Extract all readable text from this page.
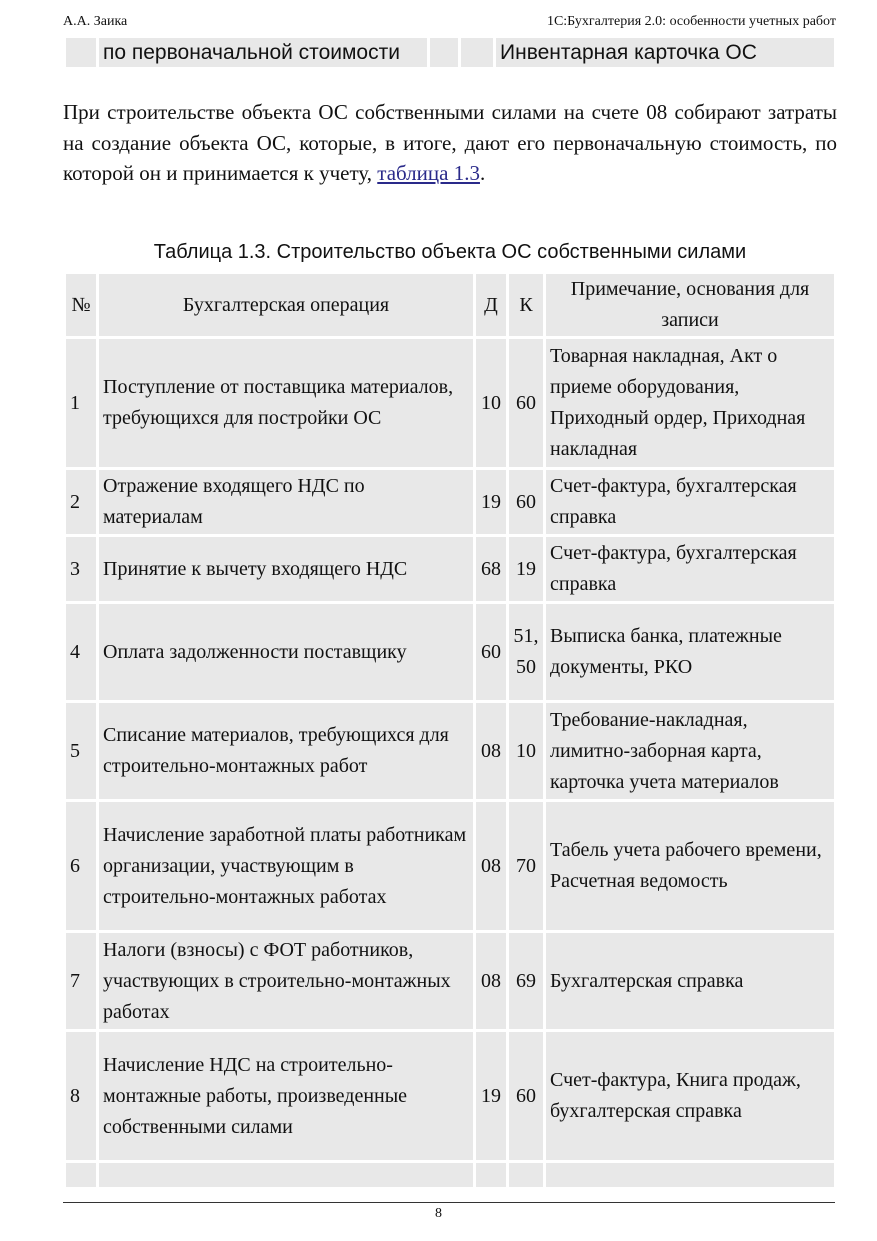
А.А. Заика	1С:Бухгалтерия 2.0: особенности учетных работ
	по первоначальной стоимости			Инвентарная карточка ОС

При строительстве объекта ОС собственными силами на счете 08 собирают затраты на создание объекта ОС, которые, в итоге, дают его первоначальную стоимость, по которой он и принимается к учету, таблица 1.3.

Таблица 1.3. Строительство объекта ОС собственными силами

№	Бухгалтерская операция	Д	К	Примечание, основания для записи
1	Поступление от поставщика материалов, требующихся для постройки ОС	10	60	Товарная накладная, Акт о приеме оборудования, Приходный ордер, Приходная накладная
2	Отражение входящего НДС по материалам	19	60	Счет-фактура, бухгалтерская справка
3	Принятие к вычету входящего НДС	68	19	Счет-фактура, бухгалтерская справка
4	Оплата задолженности поставщику	60	51, 50	Выписка банка, платежные документы, РКО
5	Списание материалов, требующихся для строительно-монтажных работ	08	10	Требование-накладная, лимитно-заборная карта, карточка учета материалов
6	Начисление заработной платы работникам организации, участвующим в строительно-монтажных работах	08	70	Табель учета рабочего времени, Расчетная ведомость
7	Налоги (взносы) с ФОТ работников, участвующих в строительно-монтажных работах	08	69	Бухгалтерская справка
8	Начисление НДС на строительно-монтажные работы, произведенные собственными силами	19	60	Счет-фактура, Книга продаж, бухгалтерская справка

8
